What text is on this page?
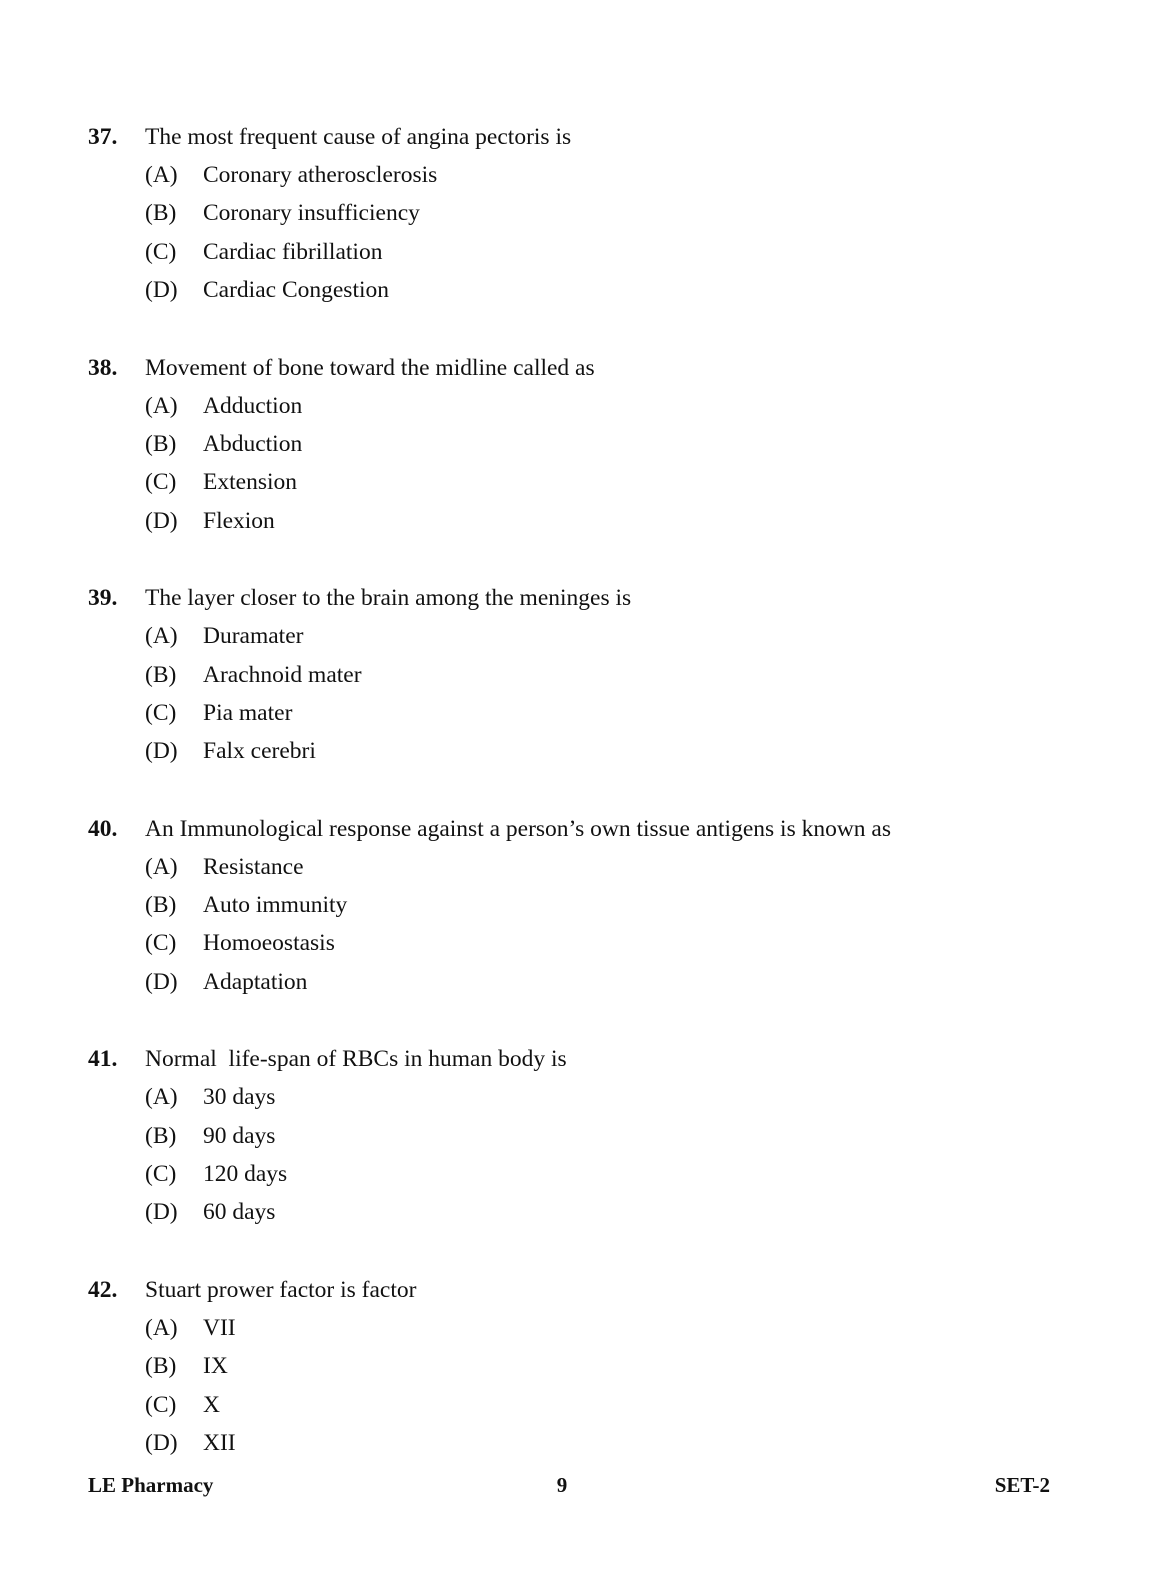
37.	The most frequent cause of angina pectoris is
(A)	Coronary atherosclerosis
(B)	Coronary insufficiency
(C)	Cardiac fibrillation
(D)	Cardiac Congestion
38.	Movement of bone toward the midline called as
(A)	Adduction
(B)	Abduction
(C)	Extension
(D)	Flexion
39.	The layer closer to the brain among the meninges is
(A)	Duramater
(B)	Arachnoid mater
(C)	Pia mater
(D)	Falx cerebri
40.	An Immunological response against a person’s own tissue antigens is known as
(A)	Resistance
(B)	Auto immunity
(C)	Homoeostasis
(D)	Adaptation
41.	Normal  life-span of RBCs in human body is
(A)	30 days
(B)	90 days
(C)	120 days
(D)	60 days
42.	Stuart prower factor is factor
(A)	VII
(B)	IX
(C)	X
(D)	XII
LE Pharmacy	9	SET-2
